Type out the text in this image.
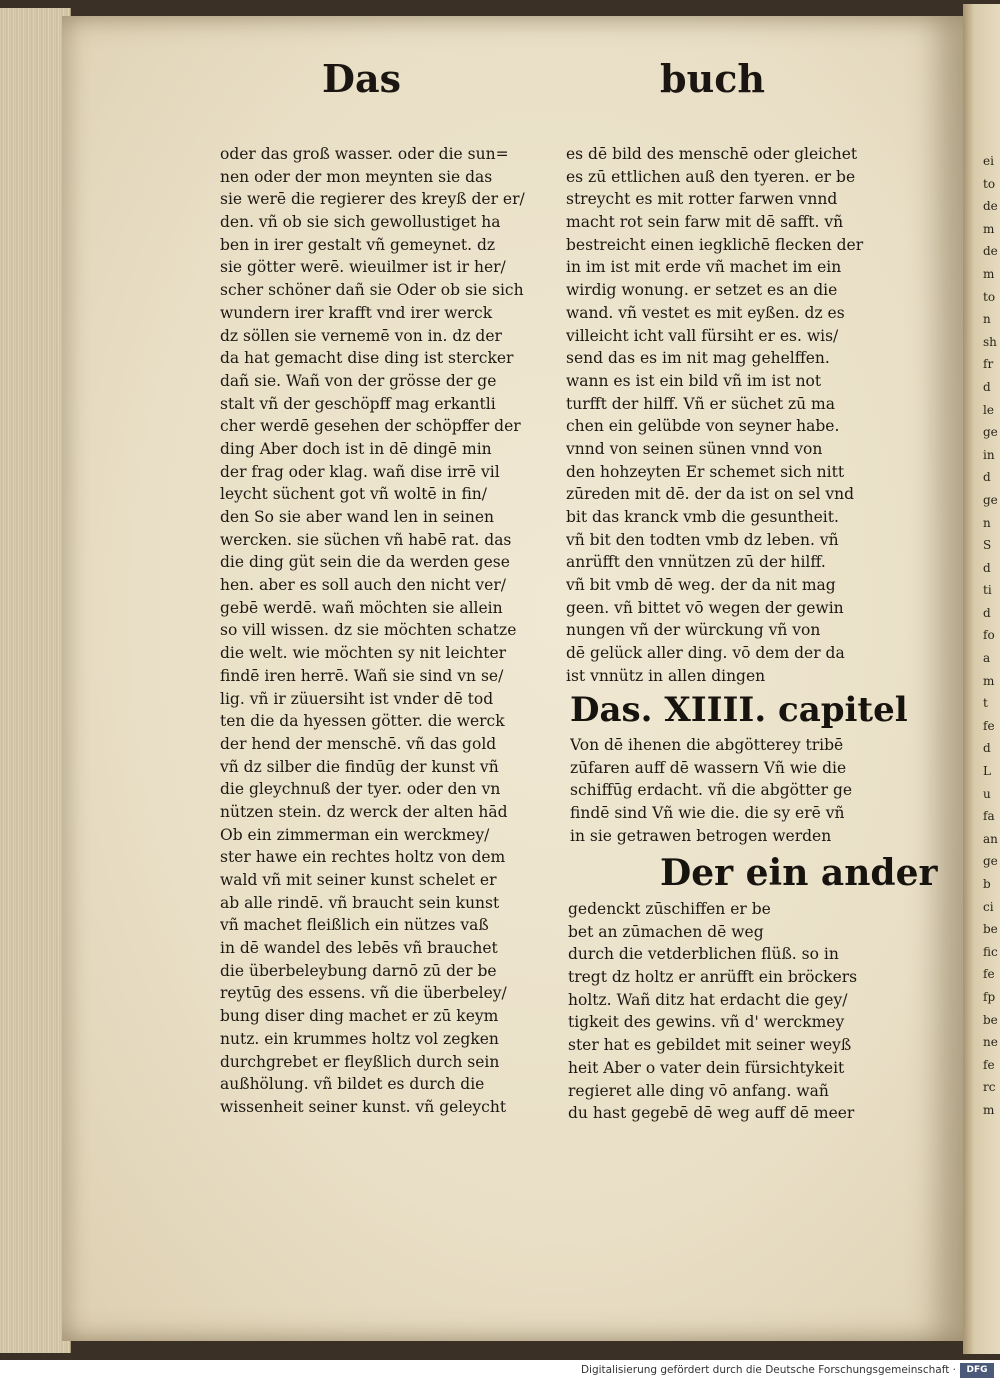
ei
to
de
m
de
m
to
n
sh
fr
d
le
ge
in
d
ge
n
S
d
ti
d
fo
a
m
t
fe
d
L
u
fa
an
ge
b
ci
be
fic
fe
fp
be
ne
fe
rc
m

Das	buch
oder das groß wasser. oder die sun=
nen oder der mon meynten sie das
sie werē die regierer des kreyß der er/
den. vñ ob sie sich gewollustiget ha
ben in irer gestalt vñ gemeynet. dz
sie götter werē. wieuilmer ist ir her/
scher schöner dañ sie Oder ob sie sich
wundern irer krafft vnd irer werck
dz söllen sie vernemē von in. dz der
da hat gemacht dise ding ist stercker
dañ sie. Wañ von der grösse der ge
stalt vñ der geschöpff mag erkantli
cher werdē gesehen der schöpffer der
ding Aber doch ist in dē dingē min
der frag oder klag. wañ dise irrē vil
leycht süchent got vñ woltē in fin/
den So sie aber wand len in seinen
wercken. sie süchen vñ habē rat. das
die ding güt sein die da werden gese
hen. aber es soll auch den nicht ver/
gebē werdē. wañ möchten sie allein
so vill wissen. dz sie möchten schatze
die welt. wie möchten sy nit leichter
findē iren herrē. Wañ sie sind vn se/
lig. vñ ir züuersiht ist vnder dē tod
ten die da hyessen götter. die werck
der hend der menschē. vñ das gold
vñ dz silber die findūg der kunst vñ
die gleychnuß der tyer. oder den vn
nützen stein. dz werck der alten hād
Ob ein zimmerman ein werckmey/
ster hawe ein rechtes holtz von dem
wald vñ mit seiner kunst schelet er
ab alle rindē. vñ braucht sein kunst
vñ machet fleißlich ein nützes vaß
in dē wandel des lebēs vñ brauchet
die überbeleybung darnō zū der be
reytūg des essens. vñ die überbeley/
bung diser ding machet er zū keym
nutz. ein krummes holtz vol zegken
durchgrebet er fleyßlich durch sein
außhölung. vñ bildet es durch die
wissenheit seiner kunst. vñ geleycht
es dē bild des menschē oder gleichet
es zū ettlichen auß den tyeren. er be
streycht es mit rotter farwen vnnd
macht rot sein farw mit dē safft. vñ
bestreicht einen iegklichē flecken der
in im ist mit erde vñ machet im ein
wirdig wonung. er setzet es an die
wand. vñ vestet es mit eyßen. dz es
villeicht icht vall fürsiht er es. wis/
send das es im nit mag gehelffen.
wann es ist ein bild vñ im ist not
turfft der hilff. Vñ er süchet zū ma
chen ein gelübde von seyner habe.
vnnd von seinen sünen vnnd von
den hohzeyten Er schemet sich nitt
zūreden mit dē. der da ist on sel vnd
bit das kranck vmb die gesuntheit.
vñ bit den todten vmb dz leben. vñ
anrüfft den vnnützen zū der hilff.
vñ bit vmb dē weg. der da nit mag
geen. vñ bittet vō wegen der gewin
nungen vñ der würckung vñ von
dē gelück aller ding. vō dem der da
ist vnnütz in allen dingen
Das. XIIII. capitel
Von dē ihenen die abgötterey tribē
zūfaren auff dē wassern Vñ wie die
schiffūg erdacht. vñ die abgötter ge
findē sind Vñ wie die. die sy erē vñ
in sie getrawen betrogen werden
Der ein ander
gedenckt zūschiffen er be
bet an zūmachen dē weg
durch die vetderblichen flüß. so in
tregt dz holtz er anrüfft ein bröckers
holtz. Wañ ditz hat erdacht die gey/
tigkeit des gewins. vñ d' werckmey
ster hat es gebildet mit seiner weyß
heit Aber o vater dein fürsichtykeit
regieret alle ding vō anfang. wañ
du hast gegebē dē weg auff dē meer
Digitalisierung gefördert durch die Deutsche Forschungsgemeinschaft ·	DFG
